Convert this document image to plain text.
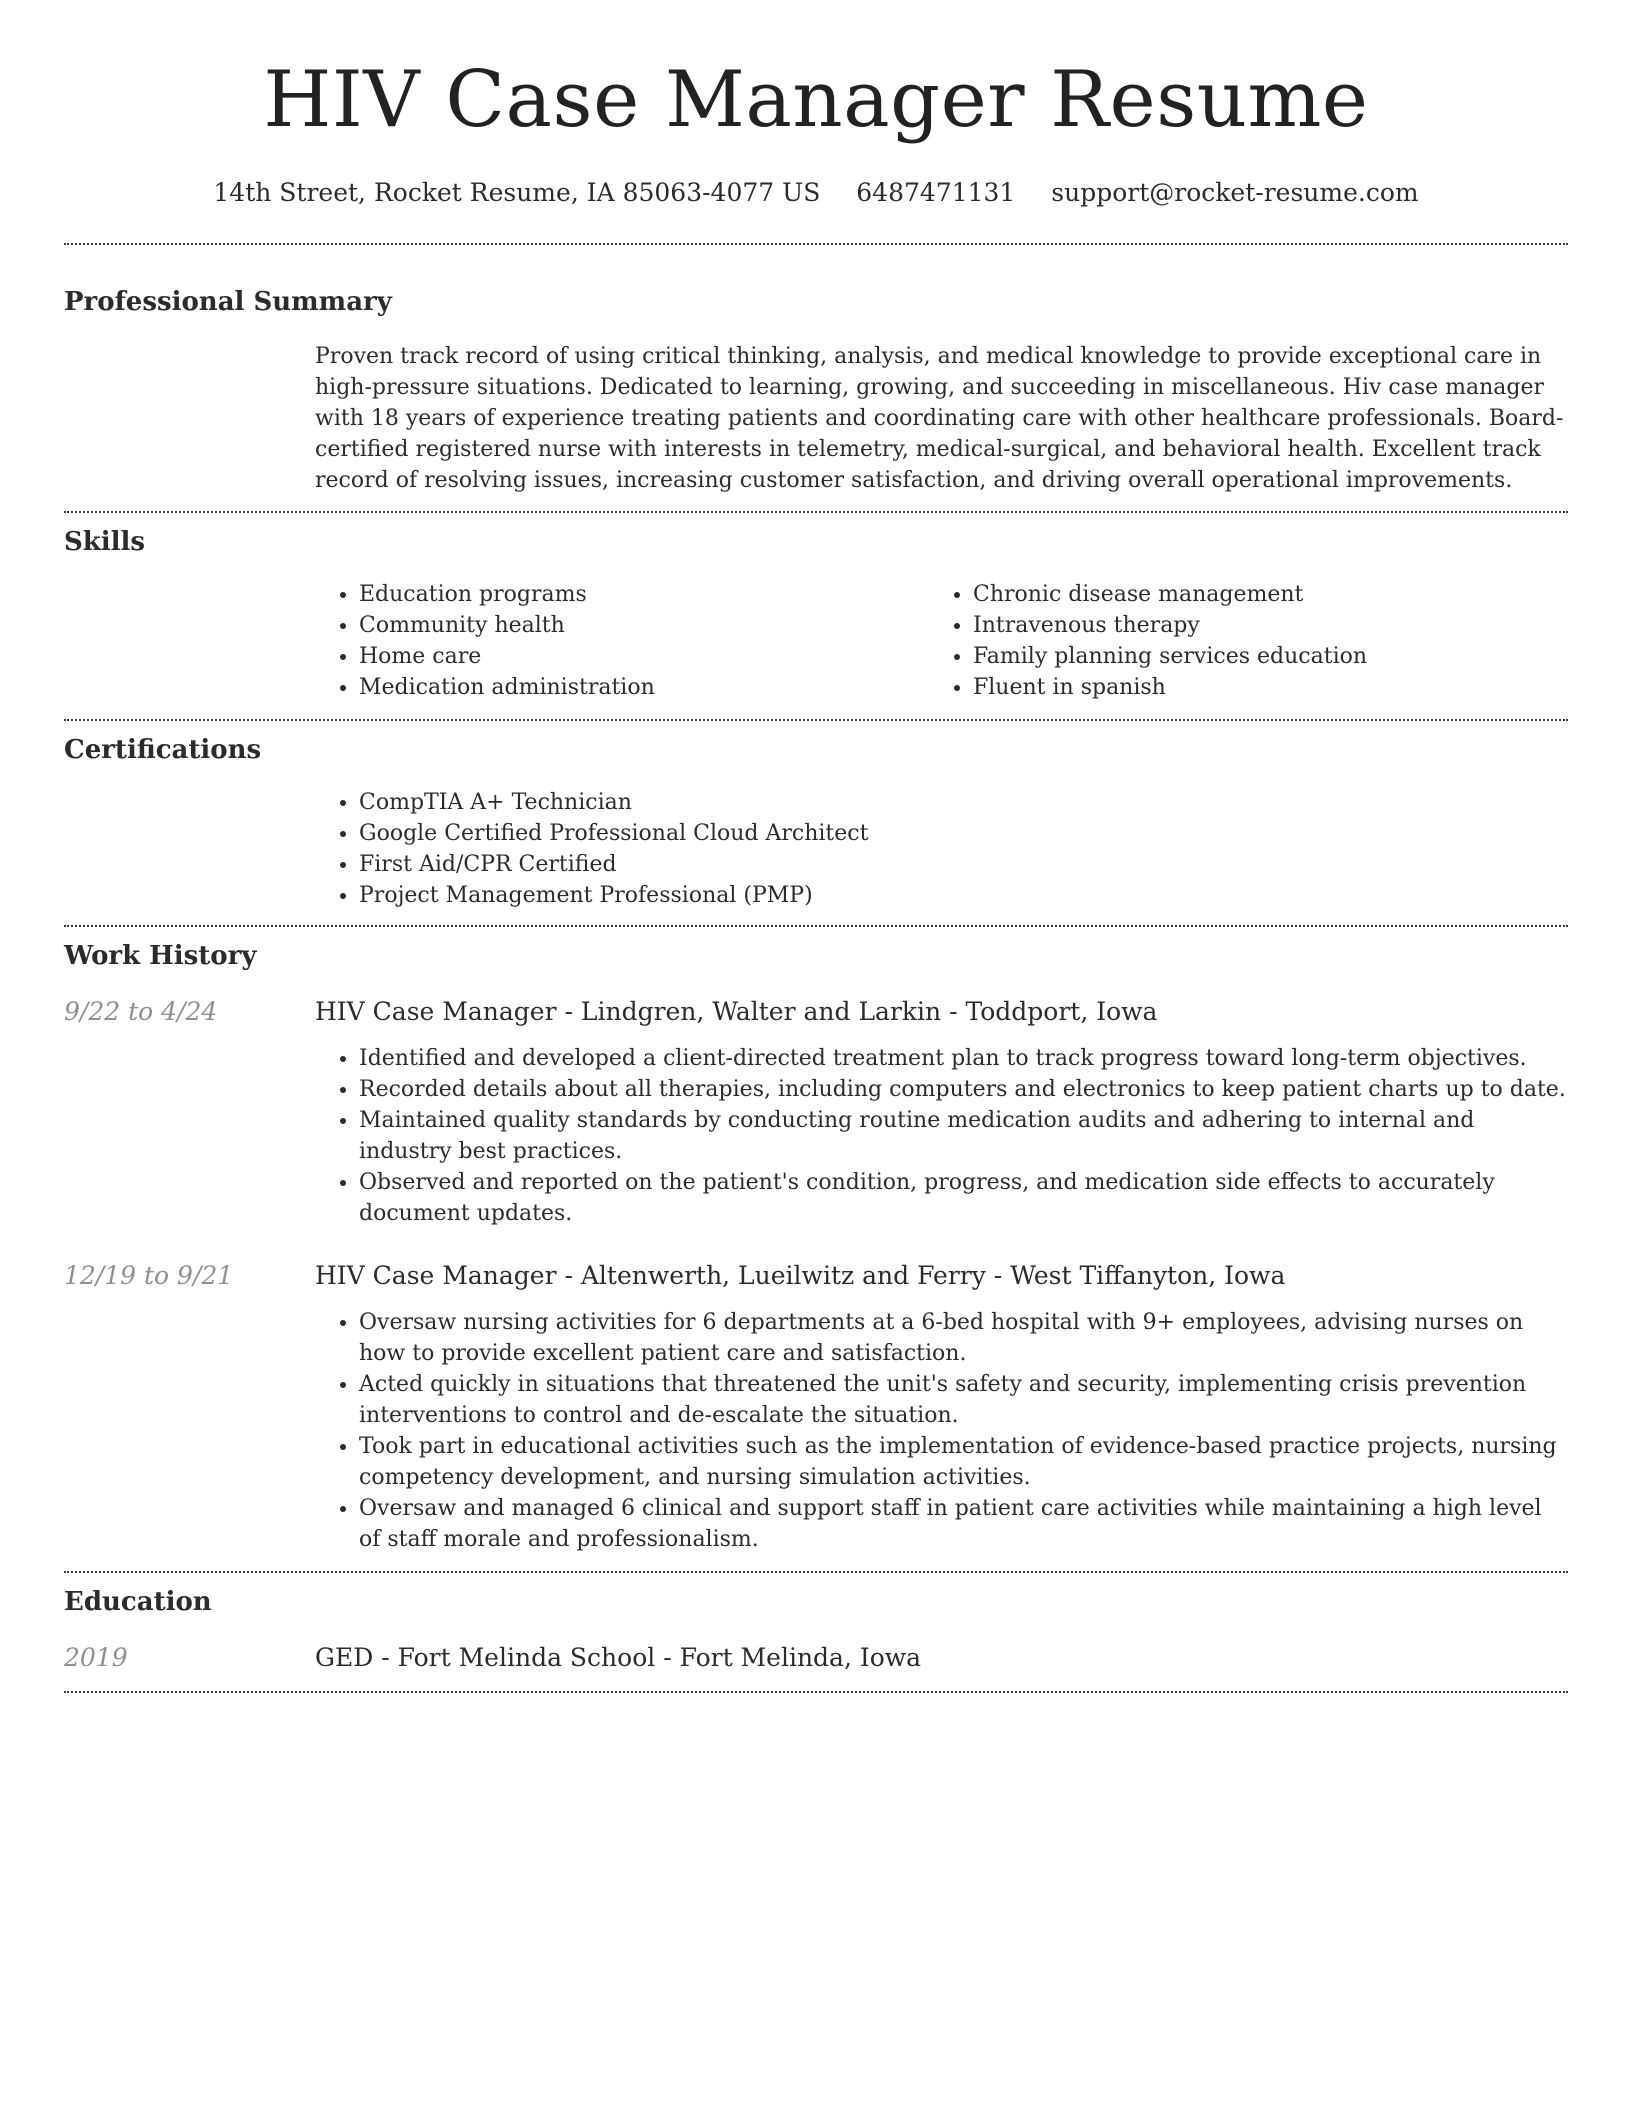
HIV Case Manager Resume
14th Street, Rocket Resume, IA 85063-4077 US 6487471131 support@rocket-resume.com
Professional Summary

Proven track record of using critical thinking, analysis, and medical knowledge to provide exceptional care in high-pressure situations. Dedicated to learning, growing, and succeeding in miscellaneous. Hiv case manager with 18 years of experience treating patients and coordinating care with other healthcare professionals. Board-certified registered nurse with interests in telemetry, medical-surgical, and behavioral health. Excellent track record of resolving issues, increasing customer satisfaction, and driving overall operational improvements.

Skills
• Education programs
• Community health
• Home care
• Medication administration
• Chronic disease management
• Intravenous therapy
• Family planning services education
• Fluent in spanish
Certifications
• CompTIA A+ Technician
• Google Certified Professional Cloud Architect
• First Aid/CPR Certified
• Project Management Professional (PMP)
Work History
9/22 to 4/24	HIV Case Manager - Lindgren, Walter and Larkin - Toddport, Iowa
• Identified and developed a client-directed treatment plan to track progress toward long-term objectives.
• Recorded details about all therapies, including computers and electronics to keep patient charts up to date.
• Maintained quality standards by conducting routine medication audits and adhering to internal and industry best practices.
• Observed and reported on the patient's condition, progress, and medication side effects to accurately document updates.
12/19 to 9/21	HIV Case Manager - Altenwerth, Lueilwitz and Ferry - West Tiffanyton, Iowa
• Oversaw nursing activities for 6 departments at a 6-bed hospital with 9+ employees, advising nurses on how to provide excellent patient care and satisfaction.
• Acted quickly in situations that threatened the unit's safety and security, implementing crisis prevention interventions to control and de-escalate the situation.
• Took part in educational activities such as the implementation of evidence-based practice projects, nursing competency development, and nursing simulation activities.
• Oversaw and managed 6 clinical and support staff in patient care activities while maintaining a high level of staff morale and professionalism.
Education
2019	GED - Fort Melinda School - Fort Melinda, Iowa
